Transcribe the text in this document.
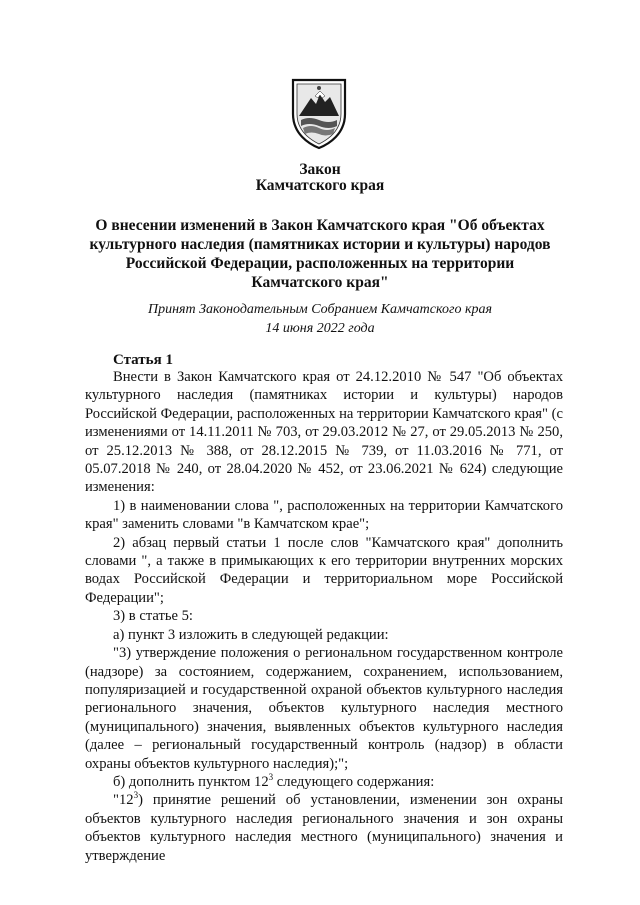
Закон
Камчатского края
О внесении изменений в Закон Камчатского края "Об объектах
культурного наследия (памятниках истории и культуры) народов
Российской Федерации, расположенных на территории
Камчатского края"
Принят Законодательным Собранием Камчатского края
14 июня 2022 года
Статья 1

Внести в Закон Камчатского края от 24.12.2010 № 547 "Об объектах культурного наследия (памятниках истории и культуры) народов Российской Федерации, расположенных на территории Камчатского края" (с изменениями от 14.11.2011 № 703, от 29.03.2012 № 27, от 29.05.2013 № 250, от 25.12.2013 № 388, от 28.12.2015 № 739, от 11.03.2016 № 771, от 05.07.2018 № 240, от 28.04.2020 № 452, от 23.06.2021 № 624) следующие изменения:

1) в наименовании слова ", расположенных на территории Камчатского края" заменить словами "в Камчатском крае";

2) абзац первый статьи 1 после слов "Камчатского края" дополнить словами ", а также в примыкающих к его территории внутренних морских водах Российской Федерации и территориальном море Российской Федерации";

3) в статье 5:

а) пункт 3 изложить в следующей редакции:

"3) утверждение положения о региональном государственном контроле (надзоре) за состоянием, содержанием, сохранением, использованием, популяризацией и государственной охраной объектов культурного наследия регионального значения, объектов культурного наследия местного (муниципального) значения, выявленных объектов культурного наследия (далее – региональный государственный контроль (надзор) в области охраны объектов культурного наследия);";

б) дополнить пунктом $12^3$ следующего содержания:

"$12^3$) принятие решений об установлении, изменении зон охраны объектов культурного наследия регионального значения и зон охраны объектов культурного наследия местного (муниципального) значения и утверждение
